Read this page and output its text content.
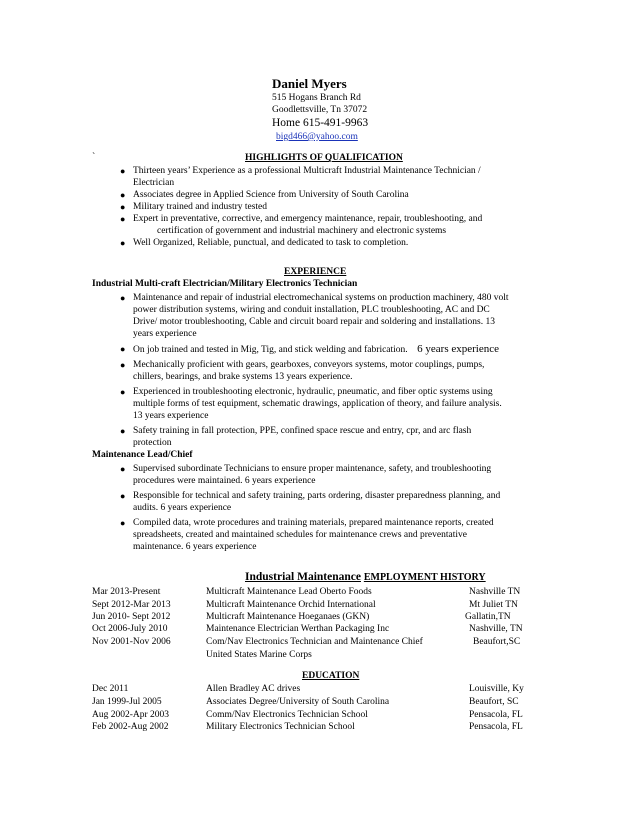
Daniel Myers
515 Hogans Branch Rd
Goodlettsville, Tn 37072
Home 615-491-9963
bigd466@yahoo.com
`	HIGHLIGHTS OF QUALIFICATION
● Thirteen years’ Experience as a professional Multicraft Industrial Maintenance Technician /
Electrician
● Associates degree in Applied Science from University of South Carolina
● Military trained and industry tested
● Expert in preventative, corrective, and emergency maintenance, repair, troubleshooting, and
certification of government and industrial machinery and electronic systems
● Well Organized, Reliable, punctual, and dedicated to task to completion.
EXPERIENCE
Industrial Multi-craft Electrician/Military Electronics Technician
● Maintenance and repair of industrial electromechanical systems on production machinery, 480 volt
power distribution systems, wiring and conduit installation, PLC troubleshooting, AC and DC
Drive/ motor troubleshooting, Cable and circuit board repair and soldering and installations. 13
years experience
● On job trained and tested in Mig, Tig, and stick welding and fabrication. 6 years experience
● Mechanically proficient with gears, gearboxes, conveyors systems, motor couplings, pumps,
chillers, bearings, and brake systems 13 years experience.
● Experienced in troubleshooting electronic, hydraulic, pneumatic, and fiber optic systems using
multiple forms of test equipment, schematic drawings, application of theory, and failure analysis.
13 years experience
● Safety training in fall protection, PPE, confined space rescue and entry, cpr, and arc flash
protection
Maintenance Lead/Chief
● Supervised subordinate Technicians to ensure proper maintenance, safety, and troubleshooting
procedures were maintained. 6 years experience
● Responsible for technical and safety training, parts ordering, disaster preparedness planning, and
audits. 6 years experience
● Compiled data, wrote procedures and training materials, prepared maintenance reports, created
spreadsheets, created and maintained schedules for maintenance crews and preventative
maintenance. 6 years experience
Industrial Maintenance EMPLOYMENT HISTORY
Mar 2013-Present	Multicraft Maintenance Lead Oberto Foods	Nashville TN
Sept 2012-Mar 2013	Multicraft Maintenance Orchid International	Mt Juliet TN
Jun 2010- Sept 2012	Multicraft Maintenance Hoeganaes (GKN)	Gallatin,TN
Oct 2006-July 2010	Maintenance Electrician Werthan Packaging Inc	Nashville, TN
Nov 2001-Nov 2006	Com/Nav Electronics Technician and Maintenance Chief	Beaufort,SC
United States Marine Corps
EDUCATION
Dec 2011	Allen Bradley AC drives	Louisville, Ky
Jan 1999-Jul 2005	Associates Degree/University of South Carolina	Beaufort, SC
Aug 2002-Apr 2003	Comm/Nav Electronics Technician School	Pensacola, FL
Feb 2002-Aug 2002	Military Electronics Technician School	Pensacola, FL
